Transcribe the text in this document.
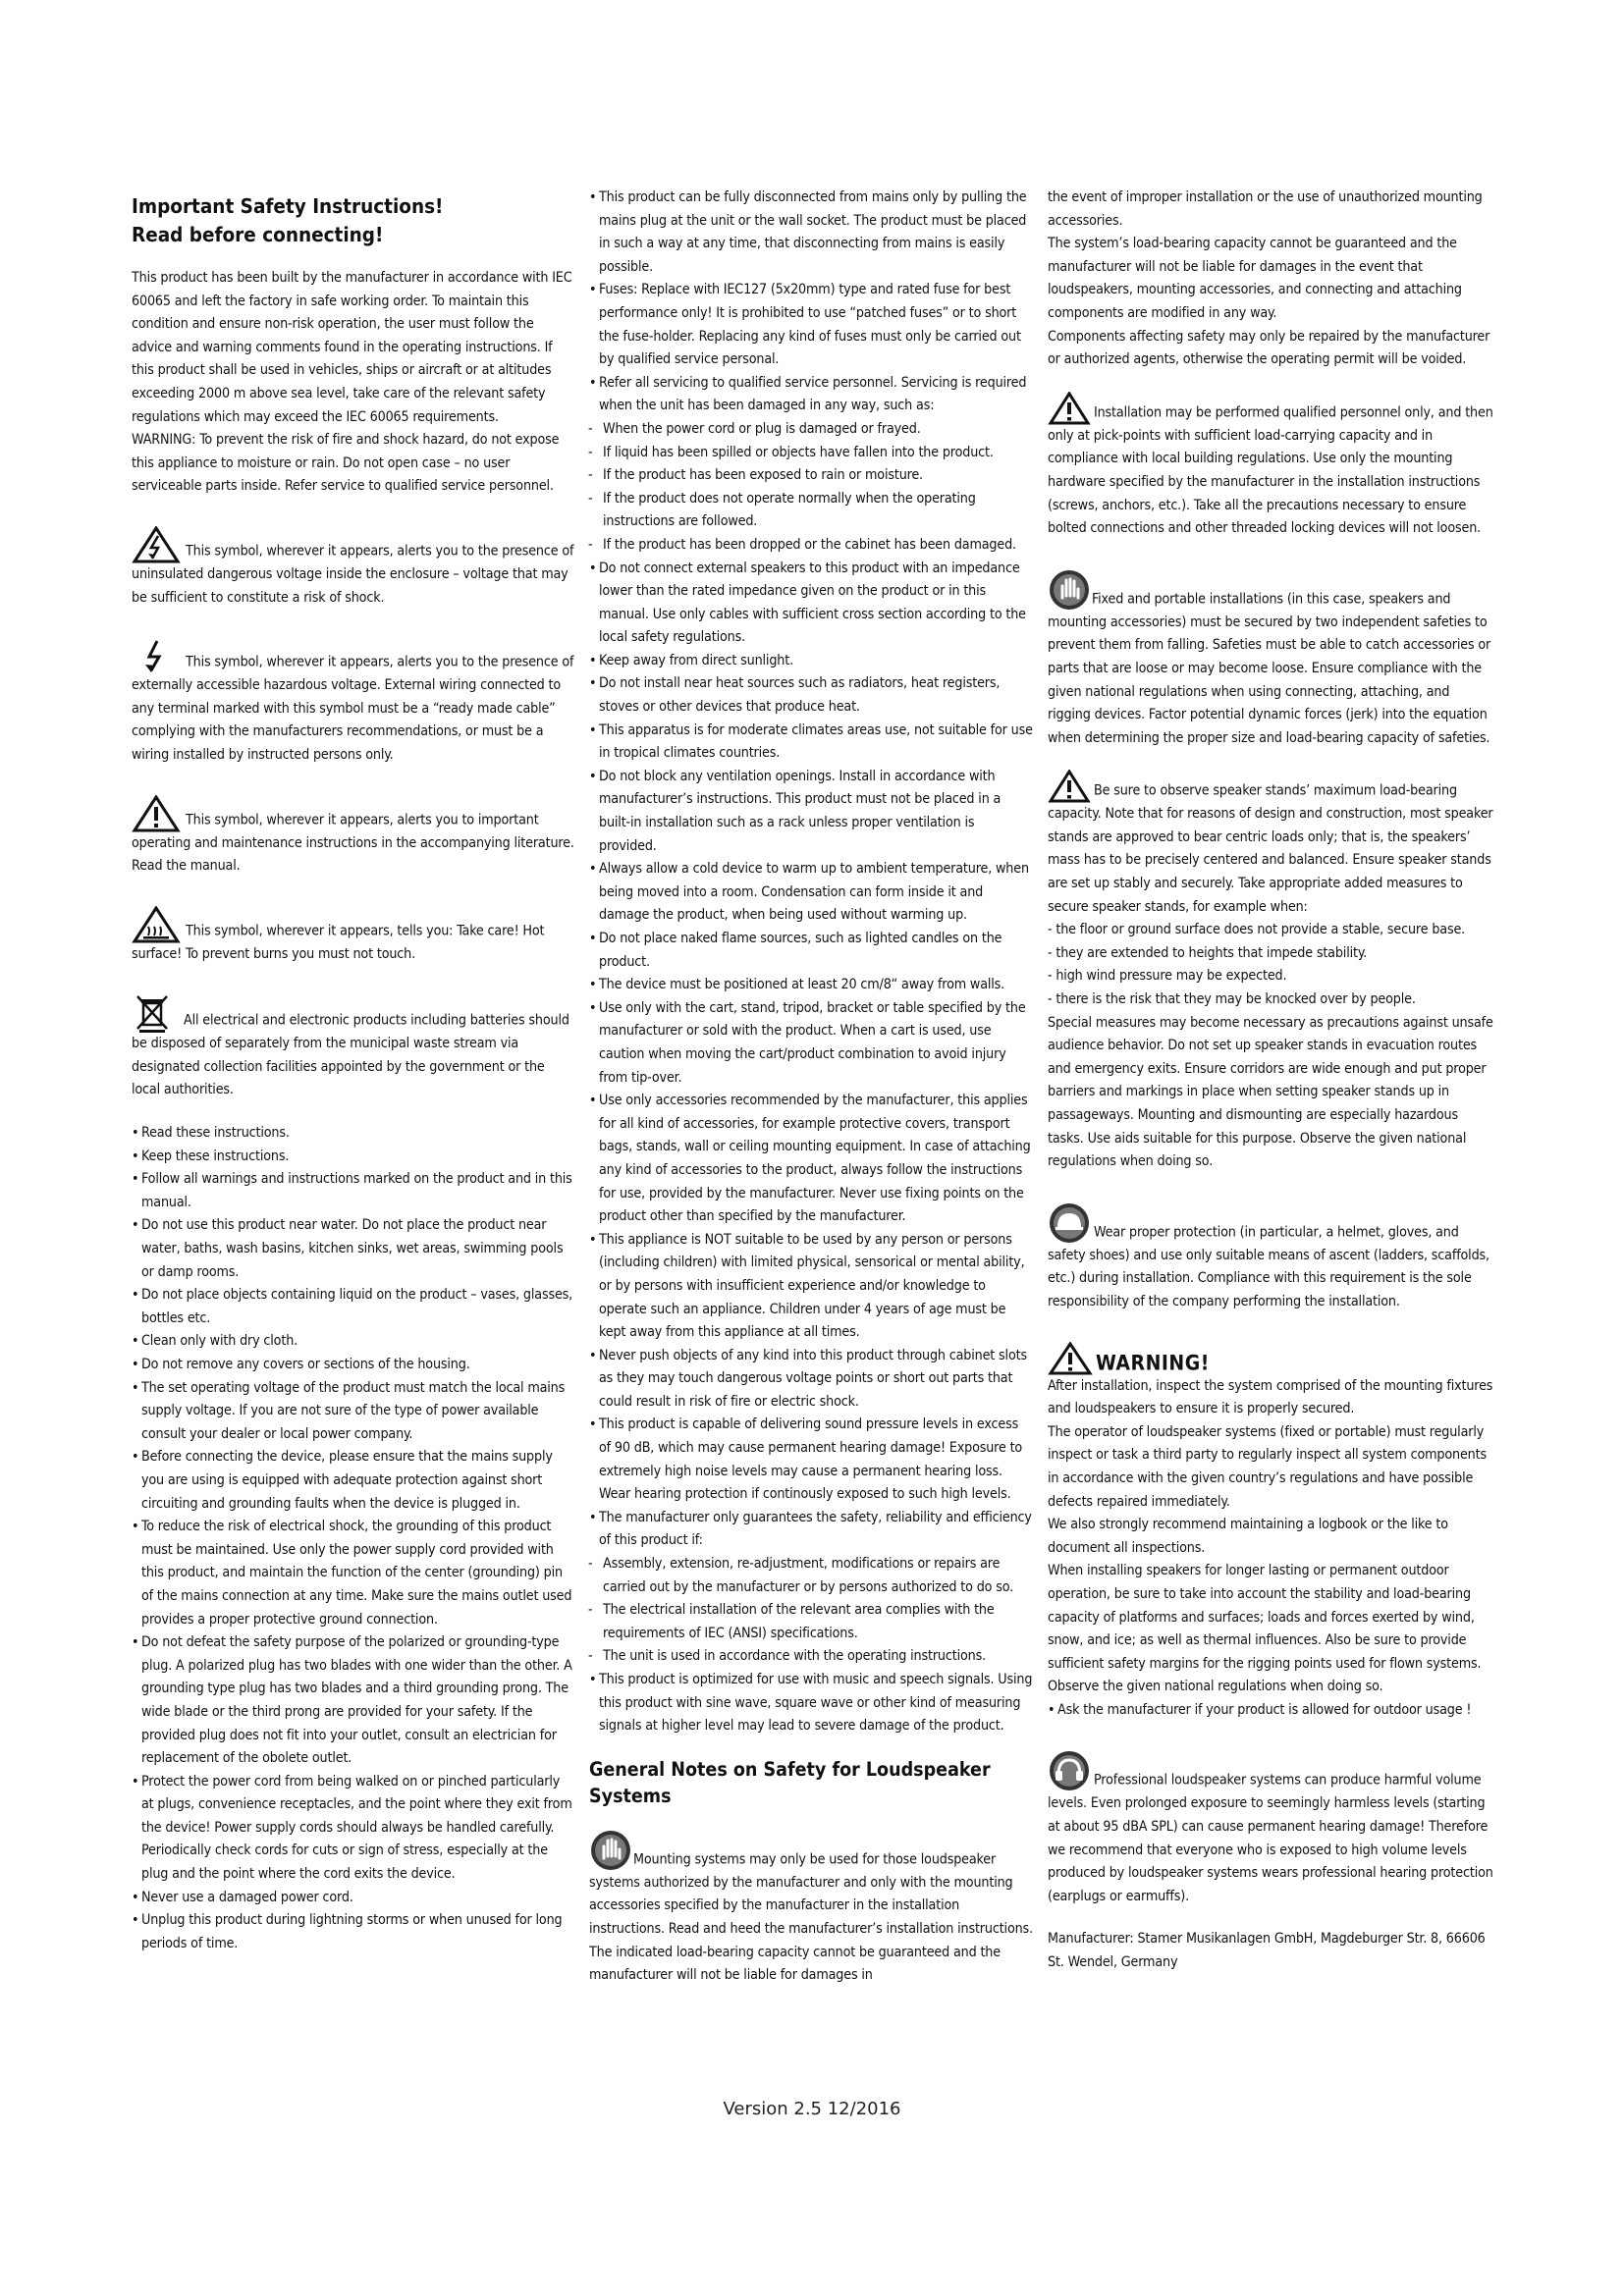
Important Safety Instructions!
Read before connecting!

This product has been built by the manufacturer in accordance with IEC 60065 and left the factory in safe working order. To maintain this condition and ensure non-risk operation, the user must follow the advice and warning comments found in the operating instructions. If this product shall be used in vehicles, ships or aircraft or at altitudes exceeding 2000 m above sea level, take care of the relevant safety regulations which may exceed the IEC 60065 requirements.

WARNING: To prevent the risk of fire and shock hazard, do not expose this appliance to moisture or rain. Do not open case – no user serviceable parts inside. Refer service to qualified service personnel.

This symbol, wherever it appears, alerts you to the presence of uninsulated dangerous voltage inside the enclosure – voltage that may be sufficient to constitute a risk of shock.

This symbol, wherever it appears, alerts you to the presence of externally accessible hazardous voltage. External wiring connected to any terminal marked with this symbol must be a “ready made cable” complying with the manufacturers recommendations, or must be a wiring installed by instructed persons only.

This symbol, wherever it appears, alerts you to important operating and maintenance instructions in the accompanying literature. Read the manual.

This symbol, wherever it appears, tells you: Take care! Hot surface! To prevent burns you must not touch.

All electrical and electronic products including batteries should be disposed of separately from the municipal waste stream via designated collection facilities appointed by the government or the local authorities.

• Read these instructions.
• Keep these instructions.
• Follow all warnings and instructions marked on the product and in this manual.
• Do not use this product near water. Do not place the product near water, baths, wash basins, kitchen sinks, wet areas, swimming pools or damp rooms.
• Do not place objects containing liquid on the product – vases, glasses, bottles etc.
• Clean only with dry cloth.
• Do not remove any covers or sections of the housing.
• The set operating voltage of the product must match the local mains supply voltage. If you are not sure of the type of power available consult your dealer or local power company.
• Before connecting the device, please ensure that the mains supply you are using is equipped with adequate protection against short circuiting and grounding faults when the device is plugged in.
• To reduce the risk of electrical shock, the grounding of this product must be maintained. Use only the power supply cord provided with this product, and maintain the function of the center (grounding) pin of the mains connection at any time. Make sure the mains outlet used provides a proper protective ground connection.
• Do not defeat the safety purpose of the polarized or grounding-type plug. A polarized plug has two blades with one wider than the other. A grounding type plug has two blades and a third grounding prong. The wide blade or the third prong are provided for your safety. If the provided plug does not fit into your outlet, consult an electrician for replacement of the obolete outlet.
• Protect the power cord from being walked on or pinched particularly at plugs, convenience receptacles, and the point where they exit from the device! Power supply cords should always be handled carefully. Periodically check cords for cuts or sign of stress, especially at the plug and the point where the cord exits the device.
• Never use a damaged power cord.
• Unplug this product during lightning storms or when unused for long periods of time.
• This product can be fully disconnected from mains only by pulling the mains plug at the unit or the wall socket. The product must be placed in such a way at any time, that disconnecting from mains is easily possible.
• Fuses: Replace with IEC127 (5x20mm) type and rated fuse for best performance only! It is prohibited to use “patched fuses” or to short the fuse-holder. Replacing any kind of fuses must only be carried out by qualified service personal.
• Refer all servicing to qualified service personnel. Servicing is required when the unit has been damaged in any way, such as:
- When the power cord or plug is damaged or frayed.
- If liquid has been spilled or objects have fallen into the product.
- If the product has been exposed to rain or moisture.
- If the product does not operate normally when the operating instructions are followed.
- If the product has been dropped or the cabinet has been damaged.
• Do not connect external speakers to this product with an impedance lower than the rated impedance given on the product or in this manual. Use only cables with sufficient cross section according to the local safety regulations.
• Keep away from direct sunlight.
• Do not install near heat sources such as radiators, heat registers, stoves or other devices that produce heat.
• This apparatus is for moderate climates areas use, not suitable for use in tropical climates countries.
• Do not block any ventilation openings. Install in accordance with manufacturer’s instructions. This product must not be placed in a built-in installation such as a rack unless proper ventilation is provided.
• Always allow a cold device to warm up to ambient temperature, when being moved into a room. Condensation can form inside it and damage the product, when being used without warming up.
• Do not place naked flame sources, such as lighted candles on the product.
• The device must be positioned at least 20 cm/8“ away from walls.
• Use only with the cart, stand, tripod, bracket or table specified by the manufacturer or sold with the product. When a cart is used, use caution when moving the cart/product combination to avoid injury from tip-over.
• Use only accessories recommended by the manufacturer, this applies for all kind of accessories, for example protective covers, transport bags, stands, wall or ceiling mounting equipment. In case of attaching any kind of accessories to the product, always follow the instructions for use, provided by the manufacturer. Never use fixing points on the product other than specified by the manufacturer.
• This appliance is NOT suitable to be used by any person or persons (including children) with limited physical, sensorical or mental ability, or by persons with insufficient experience and/or knowledge to operate such an appliance. Children under 4 years of age must be kept away from this appliance at all times.
• Never push objects of any kind into this product through cabinet slots as they may touch dangerous voltage points or short out parts that could result in risk of fire or electric shock.
• This product is capable of delivering sound pressure levels in excess of 90 dB, which may cause permanent hearing damage! Exposure to extremely high noise levels may cause a permanent hearing loss. Wear hearing protection if continously exposed to such high levels.
• The manufacturer only guarantees the safety, reliability and efficiency of this product if:
- Assembly, extension, re-adjustment, modifications or repairs are carried out by the manufacturer or by persons authorized to do so.
- The electrical installation of the relevant area complies with the requirements of IEC (ANSI) specifications.
- The unit is used in accordance with the operating instructions.
• This product is optimized for use with music and speech signals. Using this product with sine wave, square wave or other kind of measuring signals at higher level may lead to severe damage of the product.
General Notes on Safety for Loudspeaker Systems

Mounting systems may only be used for those loudspeaker systems authorized by the manufacturer and only with the mounting accessories specified by the manufacturer in the installation instructions. Read and heed the manufacturer’s installation instructions. The indicated load-bearing capacity cannot be guaranteed and the manufacturer will not be liable for damages in

the event of improper installation or the use of unauthorized mounting accessories.

The system’s load-bearing capacity cannot be guaranteed and the manufacturer will not be liable for damages in the event that loudspeakers, mounting accessories, and connecting and attaching components are modified in any way.

Components affecting safety may only be repaired by the manufacturer or authorized agents, otherwise the operating permit will be voided.

Installation may be performed qualified personnel only, and then only at pick-points with sufficient load-carrying capacity and in compliance with local building regulations. Use only the mounting hardware specified by the manufacturer in the installation instructions (screws, anchors, etc.). Take all the precautions necessary to ensure bolted connections and other threaded locking devices will not loosen.

Fixed and portable installations (in this case, speakers and mounting accessories) must be secured by two independent safeties to prevent them from falling. Safeties must be able to catch accessories or parts that are loose or may become loose. Ensure compliance with the given national regulations when using connecting, attaching, and rigging devices. Factor potential dynamic forces (jerk) into the equation when determining the proper size and load-bearing capacity of safeties.

Be sure to observe speaker stands’ maximum load-bearing capacity. Note that for reasons of design and construction, most speaker stands are approved to bear centric loads only; that is, the speakers’ mass has to be precisely centered and balanced. Ensure speaker stands are set up stably and securely. Take appropriate added measures to secure speaker stands, for example when:

- the floor or ground surface does not provide a stable, secure base.

- they are extended to heights that impede stability.

- high wind pressure may be expected.

- there is the risk that they may be knocked over by people.

Special measures may become necessary as precautions against unsafe audience behavior. Do not set up speaker stands in evacuation routes and emergency exits. Ensure corridors are wide enough and put proper barriers and markings in place when setting speaker stands up in passageways. Mounting and dismounting are especially hazardous tasks. Use aids suitable for this purpose. Observe the given national regulations when doing so.

Wear proper protection (in particular, a helmet, gloves, and safety shoes) and use only suitable means of ascent (ladders, scaffolds, etc.) during installation. Compliance with this requirement is the sole responsibility of the company performing the installation.

WARNING!

After installation, inspect the system comprised of the mounting fixtures and loudspeakers to ensure it is properly secured.

The operator of loudspeaker systems (fixed or portable) must regularly inspect or task a third party to regularly inspect all system components in accordance with the given country’s regulations and have possible defects repaired immediately.

We also strongly recommend maintaining a logbook or the like to document all inspections.

When installing speakers for longer lasting or permanent outdoor operation, be sure to take into account the stability and load-bearing capacity of platforms and surfaces; loads and forces exerted by wind, snow, and ice; as well as thermal influences. Also be sure to provide sufficient safety margins for the rigging points used for flown systems. Observe the given national regulations when doing so.

• Ask the manufacturer if your product is allowed for outdoor usage !

Professional loudspeaker systems can produce harmful volume levels. Even prolonged exposure to seemingly harmless levels (starting at about 95 dBA SPL) can cause permanent hearing damage! Therefore we recommend that everyone who is exposed to high volume levels produced by loudspeaker systems wears professional hearing protection (earplugs or earmuffs).

Manufacturer: Stamer Musikanlagen GmbH, Magdeburger Str. 8, 66606 St. Wendel, Germany

Version 2.5 12/2016
